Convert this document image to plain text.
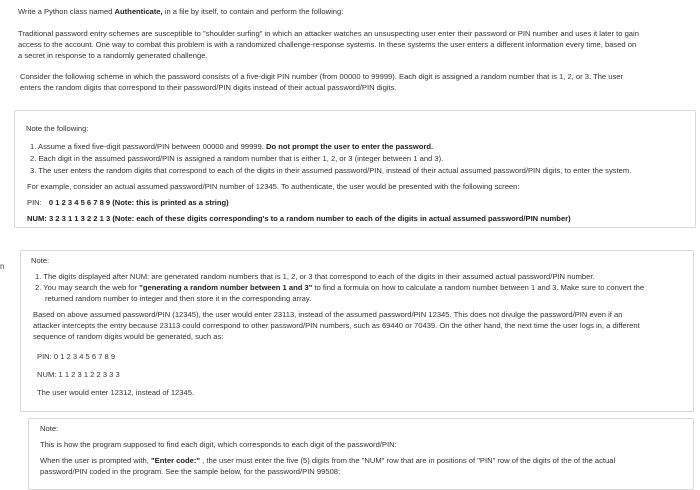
n
Write a Python class named Authenticate, in a file by itself, to contain and perform the following:
Traditional password entry schemes are susceptible to "shoulder surfing" in which an attacker watches an unsuspecting user enter their password or PIN number and uses it later to gain
access to the account. One way to combat this problem is with a randomized challenge-response systems. In these systems the user enters a different information every time, based on
a secret in response to a randomly generated challenge.
Consider the following scheme in which the password consists of a five-digit PIN number (from 00000 to 99999). Each digit is assigned a random number that is 1, 2, or 3. The user
enters the random digits that correspond to their password/PIN digits instead of their actual password/PIN digits.
Note the following:
1. Assume a fixed five-digit password/PIN between 00000 and 99999. Do not prompt the user to enter the password.
2. Each digit in the assumed password/PIN is assigned a random number that is either 1, 2, or 3 (integer between 1 and 3).
3. The user enters the random digits that correspond to each of the digits in their assumed password/PIN, instead of their actual assumed password/PIN digits, to enter the system.
For example, consider an actual assumed password/PIN number of 12345. To authenticate, the user would be presented with the following screen:
PIN: 0 1 2 3 4 5 6 7 8 9 (Note: this is printed as a string)
NUM: 3 2 3 1 1 3 2 2 1 3 (Note: each of these digits corresponding's to a random number to each of the digits in actual assumed password/PIN number)
Note:
1. The digits displayed after NUM: are generated random numbers that is 1, 2, or 3 that correspond to each of the digits in their assumed actual password/PIN number.
2. You may search the web for "generating a random number between 1 and 3" to find a formula on how to calculate a random number between 1 and 3. Make sure to convert the
returned random number to integer and then store it in the corresponding array.
Based on above assumed password/PIN (12345), the user would enter 23113, instead of the assumed password/PIN 12345. This does not divulge the password/PIN even if an
attacker intercepts the entry because 23113 could correspond to other password/PIN numbers, such as 69440 or 70439. On the other hand, the next time the user logs in, a different
sequence of random digits would be generated, such as:
PIN: 0 1 2 3 4 5 6 7 8 9
NUM: 1 1 2 3 1 2 2 3 3 3
The user would enter 12312, instead of 12345.
Note:
This is how the program supposed to find each digit, which corresponds to each digit of the password/PIN:
When the user is prompted with, "Enter code:" , the user must enter the five (5) digits from the "NUM" row that are in positions of "PIN" row of the digits of the of the actual
password/PIN coded in the program. See the sample below, for the password/PIN 99508:
